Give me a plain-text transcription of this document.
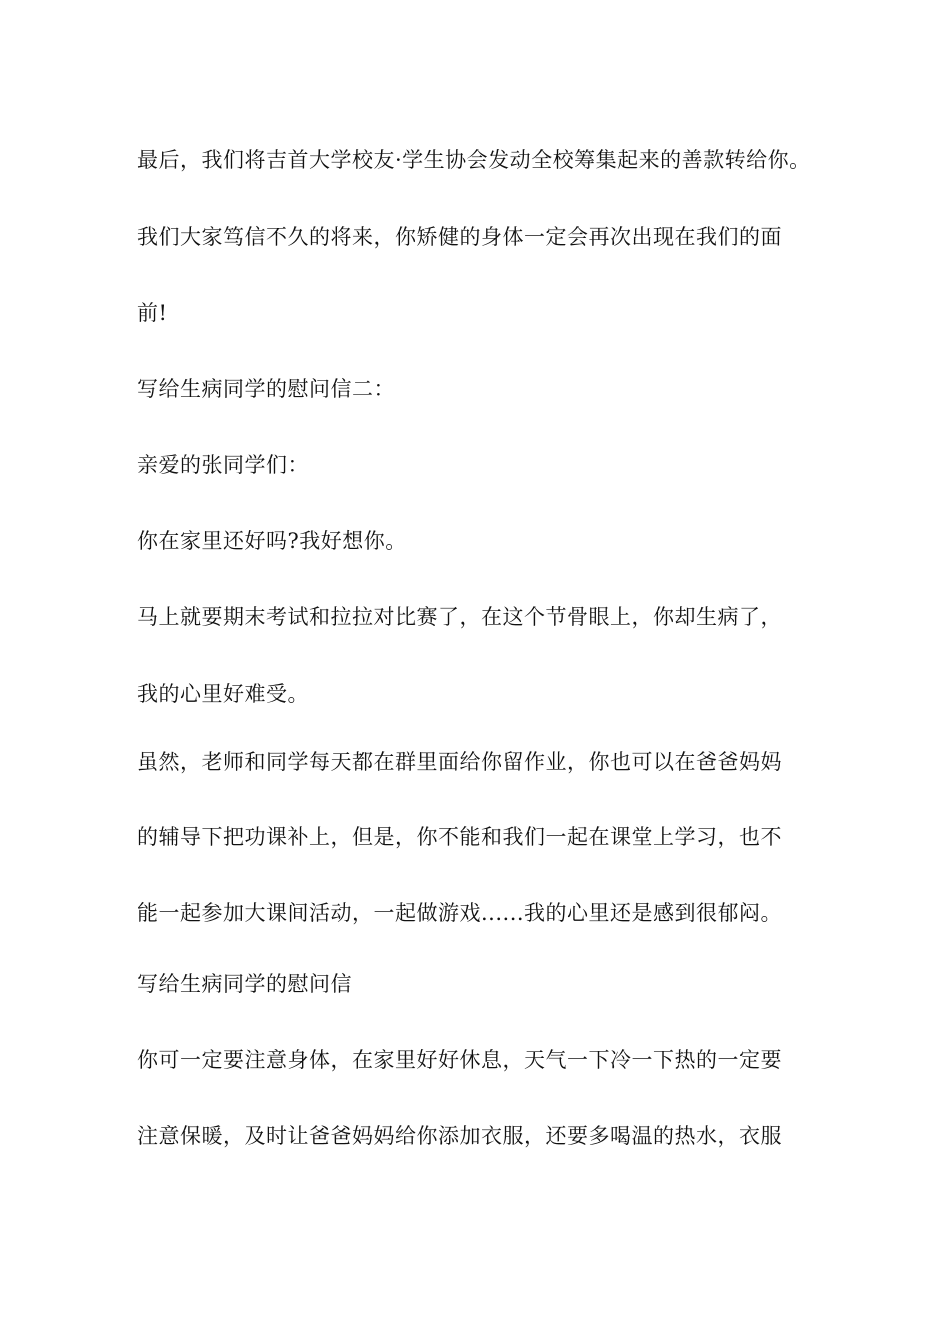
最后，我们将吉首大学校友·学生协会发动全校筹集起来的善款转给你。

我们大家笃信不久的将来，你矫健的身体一定会再次出现在我们的面

前!

写给生病同学的慰问信二：

亲爱的张同学们：

你在家里还好吗?我好想你。

马上就要期末考试和拉拉对比赛了，在这个节骨眼上，你却生病了，

我的心里好难受。

虽然，老师和同学每天都在群里面给你留作业，你也可以在爸爸妈妈

的辅导下把功课补上，但是，你不能和我们一起在课堂上学习，也不

能一起参加大课间活动，一起做游戏......我的心里还是感到很郁闷。

写给生病同学的慰问信

你可一定要注意身体，在家里好好休息，天气一下冷一下热的一定要

注意保暖，及时让爸爸妈妈给你添加衣服，还要多喝温的热水，衣服
